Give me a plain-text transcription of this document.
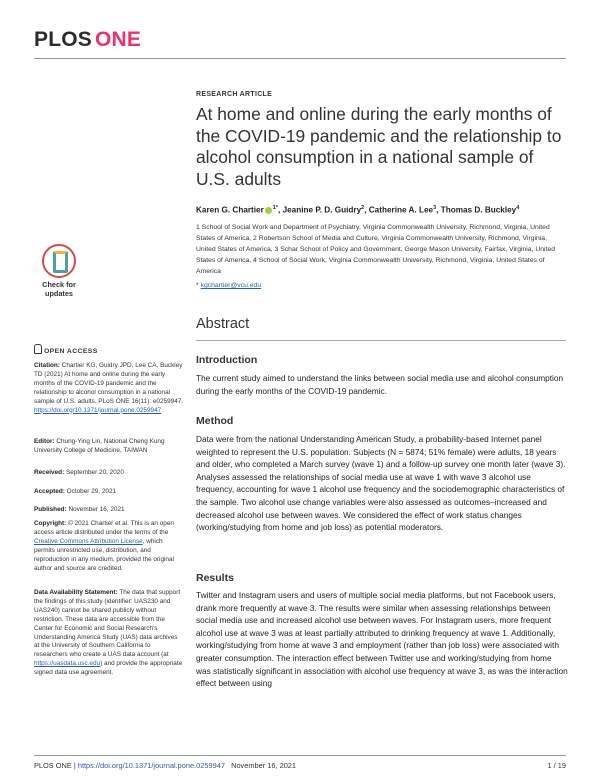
PLOS ONE
Check for
updates
OPEN ACCESS
Citation: Chartier KG, Guidry JPD, Lee CA, Buckley TD (2021) At home and online during the early months of the COVID-19 pandemic and the relationship to alcohol consumption in a national sample of U.S. adults. PLoS ONE 16(11): e0259947. https://doi.org/10.1371/journal.pone.0259947
Editor: Chung-Ying Lin, National Cheng Kung University College of Medicine, TAIWAN
Received: September 20, 2020
Accepted: October 29, 2021
Published: November 16, 2021
Copyright: © 2021 Chartier et al. This is an open access article distributed under the terms of the Creative Commons Attribution License, which permits unrestricted use, distribution, and reproduction in any medium, provided the original author and source are credited.
Data Availability Statement: The data that support the findings of this study (identifier: UAS230 and UAS240) cannot be shared publicly without restriction. These data are accessible from the Center for Economic and Social Research's Understanding America Study (UAS) data archives at the University of Southern California to researchers who create a UAS data account (at https://uasdata.usc.edu) and provide the appropriate signed data use agreement.
RESEARCH ARTICLE
At home and online during the early months of the COVID-19 pandemic and the relationship to alcohol consumption in a national sample of U.S. adults
Karen G. Chartier $^{1*}$, Jeanine P. D. Guidry$^2$, Catherine A. Lee$^3$, Thomas D. Buckley$^4$
1 School of Social Work and Department of Psychiatry, Virginia Commonwealth University, Richmond, Virginia, United States of America, 2 Robertson School of Media and Culture, Virginia Commonwealth University, Richmond, Virginia, United States of America, 3 Schar School of Policy and Government, George Mason University, Fairfax, Virginia, United States of America, 4 School of Social Work, Virginia Commonwealth University, Richmond, Virginia, United States of America
* kgchartier@vcu.edu
Abstract
Introduction
The current study aimed to understand the links between social media use and alcohol consumption during the early months of the COVID-19 pandemic.
Method
Data were from the national Understanding American Study, a probability-based Internet panel weighted to represent the U.S. population. Subjects (N = 5874; 51% female) were adults, 18 years and older, who completed a March survey (wave 1) and a follow-up survey one month later (wave 3). Analyses assessed the relationships of social media use at wave 1 with wave 3 alcohol use frequency, accounting for wave 1 alcohol use frequency and the sociodemographic characteristics of the sample. Two alcohol use change variables were also assessed as outcomes–increased and decreased alcohol use between waves. We considered the effect of work status changes (working/studying from home and job loss) as potential moderators.
Results
Twitter and Instagram users and users of multiple social media platforms, but not Facebook users, drank more frequently at wave 3. The results were similar when assessing relationships between social media use and increased alcohol use between waves. For Instagram users, more frequent alcohol use at wave 3 was at least partially attributed to drinking frequency at wave 1. Additionally, working/studying from home at wave 3 and employment (rather than job loss) were associated with greater consumption. The interaction effect between Twitter use and working/studying from home was statistically significant in association with alcohol use frequency at wave 3, as was the interaction effect between using
PLOS ONE | https://doi.org/10.1371/journal.pone.0259947 November 16, 2021	1 / 19
